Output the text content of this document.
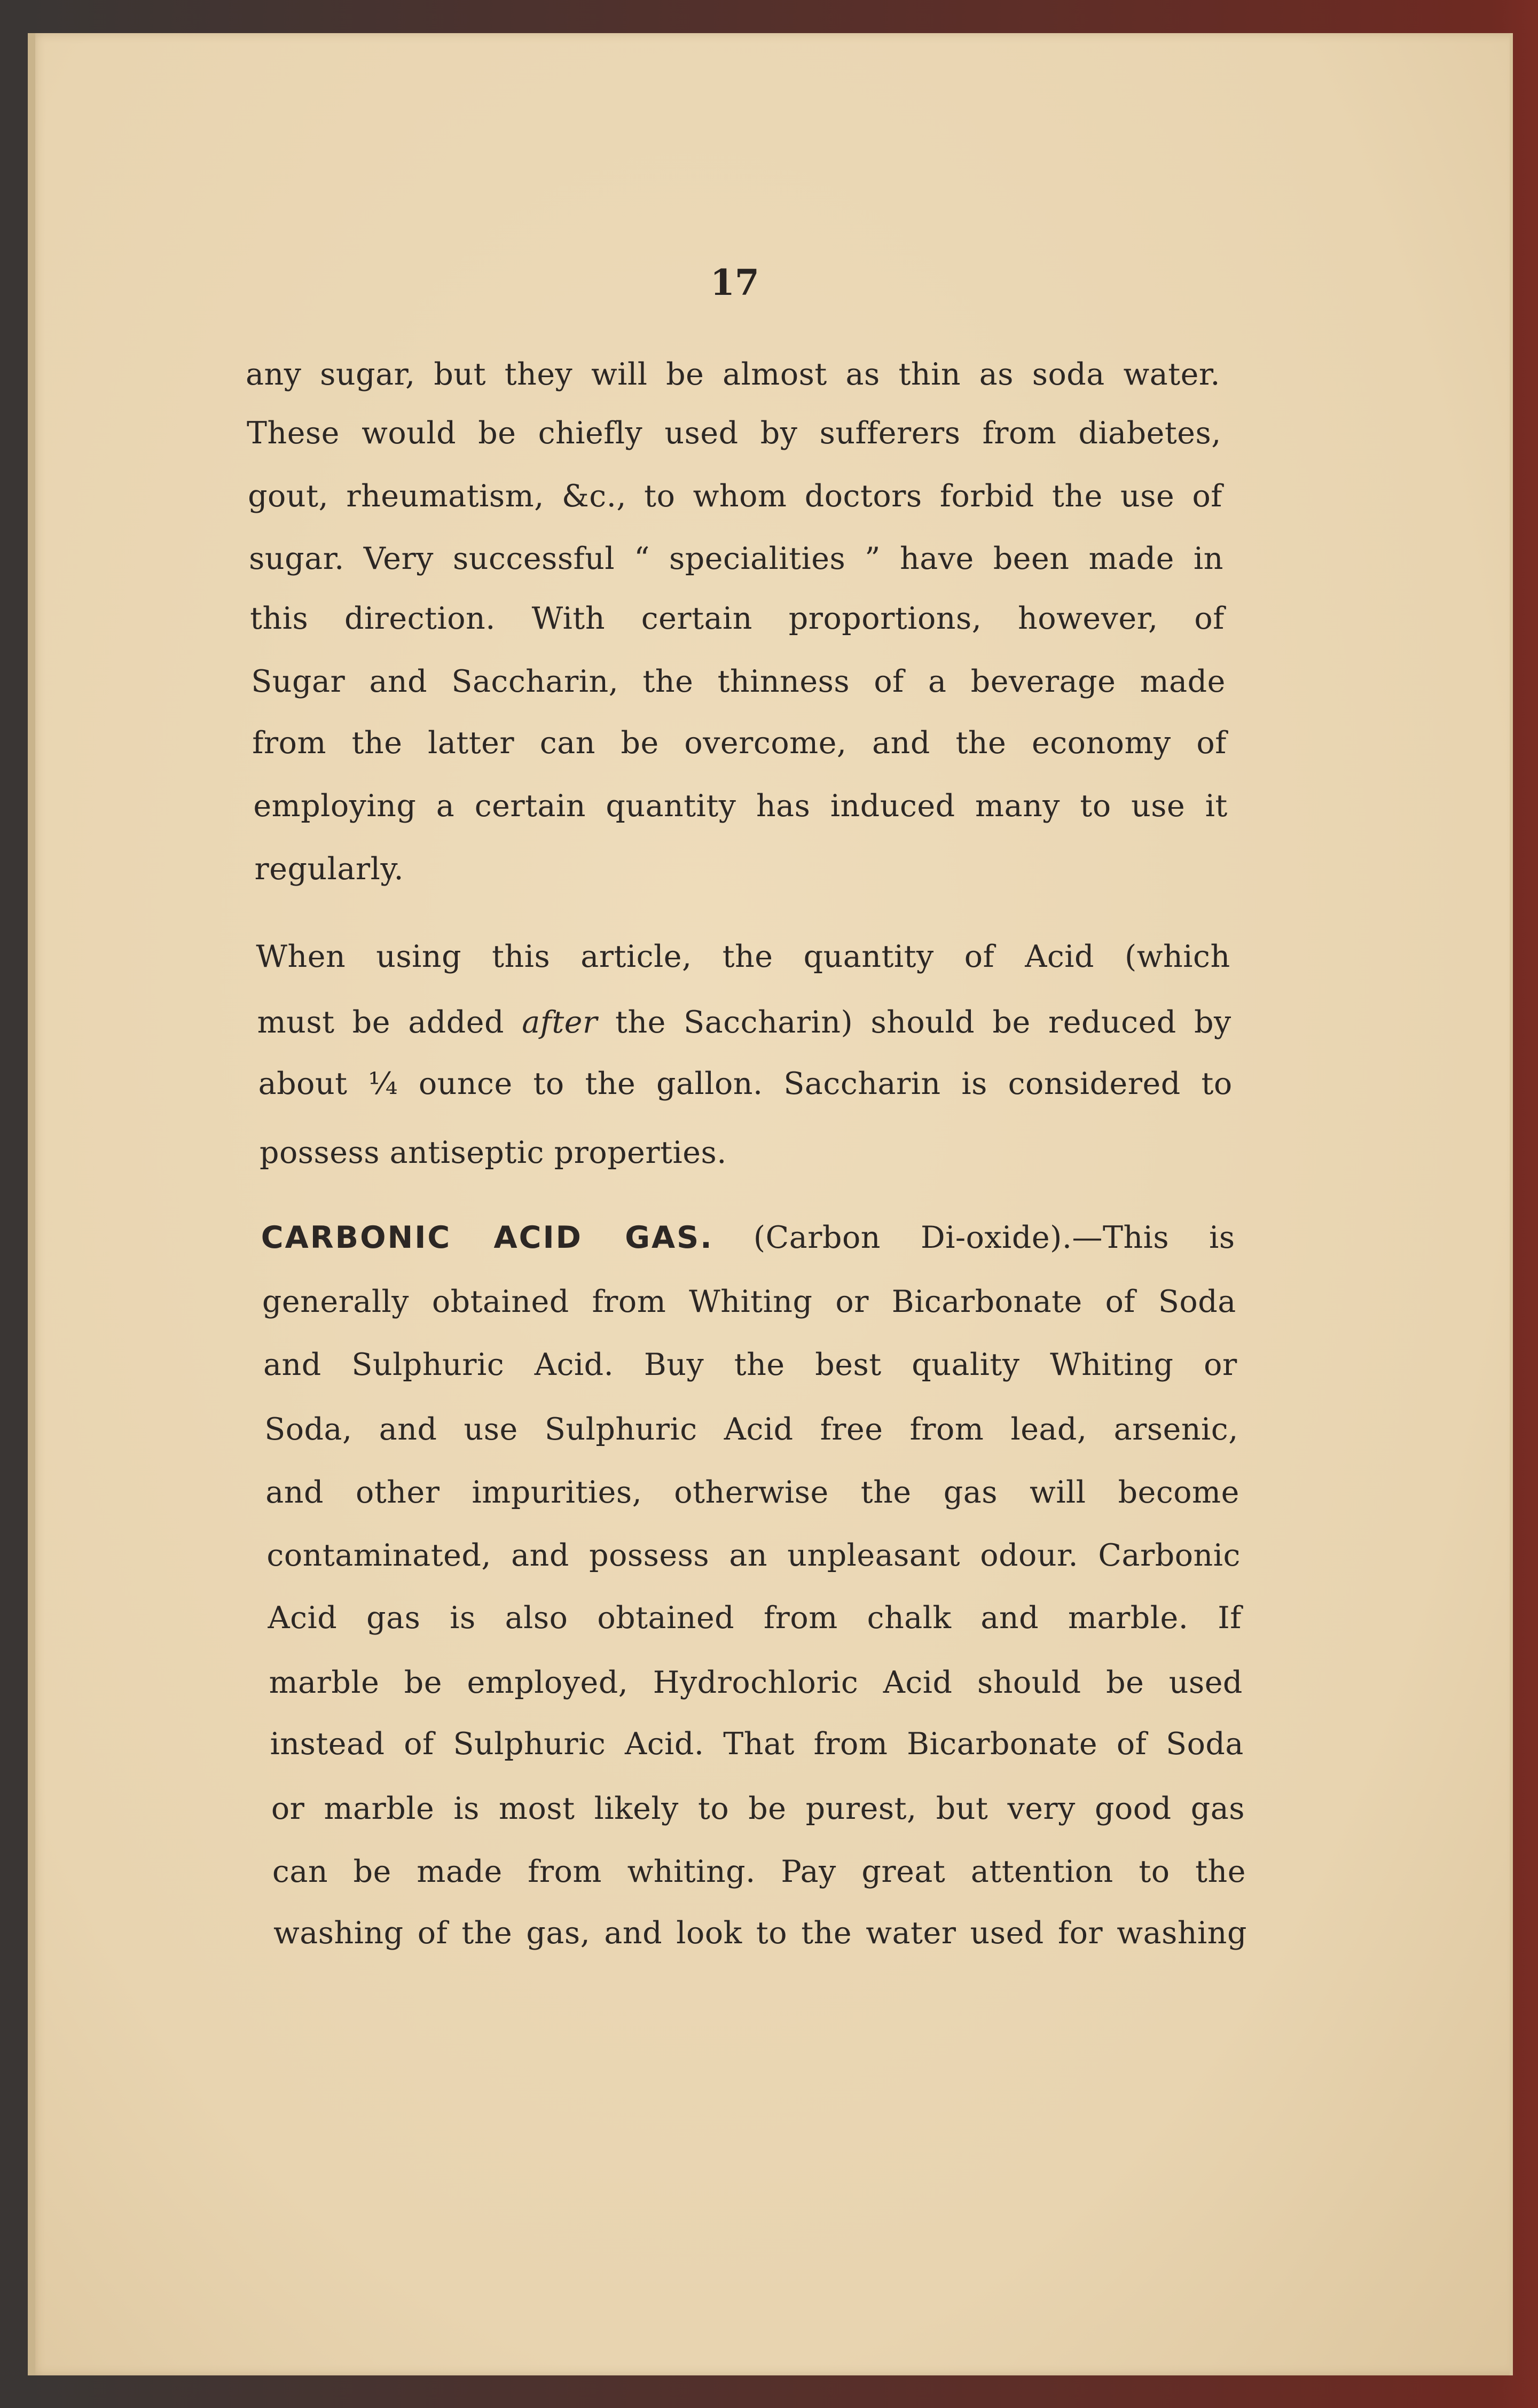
17
any sugar, but they will be almost as thin as soda water.
These would be chiefly used by sufferers from diabetes,
gout, rheumatism, &c., to whom doctors forbid the use of
sugar. Very successful “ specialities ” have been made in
this direction. With certain proportions, however, of
Sugar and Saccharin, the thinness of a beverage made
from the latter can be overcome, and the economy of
employing a certain quantity has induced many to use it
regularly.
When using this article, the quantity of Acid (which
must be added after the Saccharin) should be reduced by
about ¼ ounce to the gallon. Saccharin is considered to
possess antiseptic properties.
CARBONIC ACID GAS. (Carbon Di-oxide).—This is
generally obtained from Whiting or Bicarbonate of Soda
and Sulphuric Acid. Buy the best quality Whiting or
Soda, and use Sulphuric Acid free from lead, arsenic,
and other impurities, otherwise the gas will become
contaminated, and possess an unpleasant odour. Carbonic
Acid gas is also obtained from chalk and marble. If
marble be employed, Hydrochloric Acid should be used
instead of Sulphuric Acid. That from Bicarbonate of Soda
or marble is most likely to be purest, but very good gas
can be made from whiting. Pay great attention to the
washing of the gas, and look to the water used for washing
